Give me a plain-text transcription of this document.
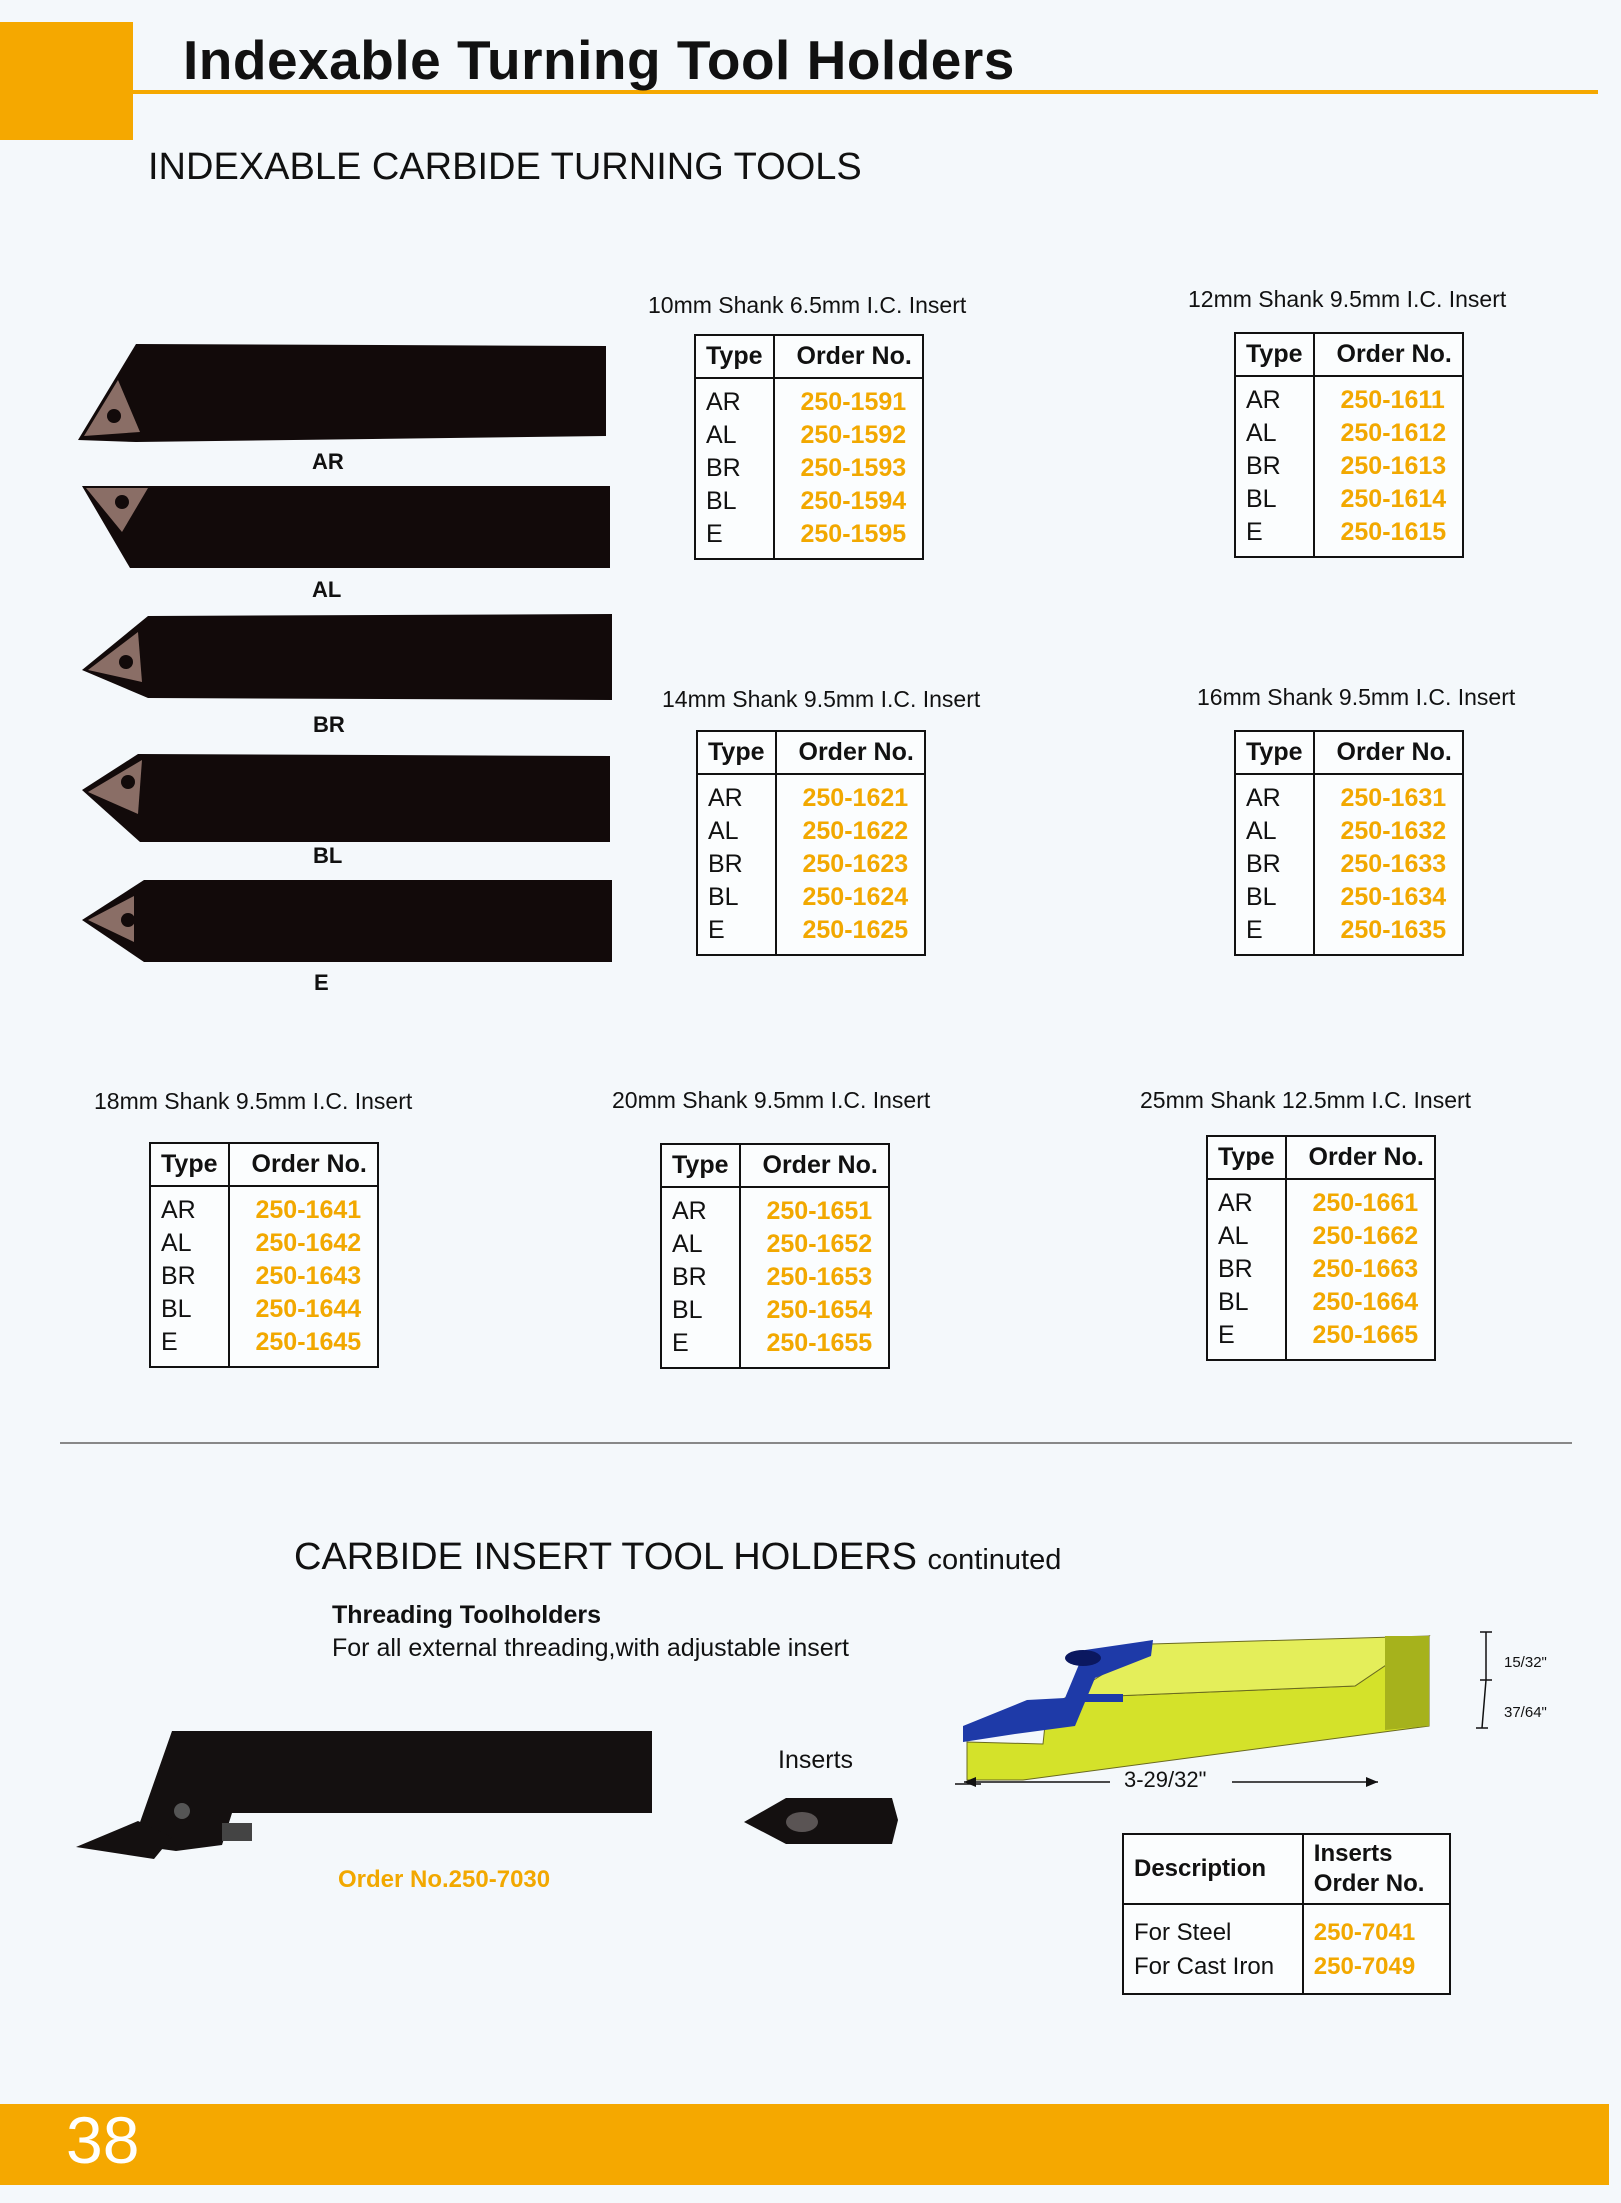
Indexable Turning Tool Holders
INDEXABLE CARBIDE TURNING TOOLS
AR
AL
BR
BL
E
10mm Shank 6.5mm I.C. Insert
Type	Order No.
AR	250-1591
AL	250-1592
BR	250-1593
BL	250-1594
E	250-1595
12mm Shank 9.5mm I.C. Insert
Type	Order No.
AR	250-1611
AL	250-1612
BR	250-1613
BL	250-1614
E	250-1615
14mm Shank 9.5mm I.C. Insert
Type	Order No.
AR	250-1621
AL	250-1622
BR	250-1623
BL	250-1624
E	250-1625
16mm Shank 9.5mm I.C. Insert
Type	Order No.
AR	250-1631
AL	250-1632
BR	250-1633
BL	250-1634
E	250-1635
18mm Shank 9.5mm I.C. Insert
Type	Order No.
AR	250-1641
AL	250-1642
BR	250-1643
BL	250-1644
E	250-1645
20mm Shank 9.5mm I.C. Insert
Type	Order No.
AR	250-1651
AL	250-1652
BR	250-1653
BL	250-1654
E	250-1655
25mm Shank 12.5mm I.C. Insert
Type	Order No.
AR	250-1661
AL	250-1662
BR	250-1663
BL	250-1664
E	250-1665
CARBIDE INSERT TOOL HOLDERS continuted
Threading Toolholders
For all external threading,with adjustable insert
Inserts
Order No.250-7030
15/32"
37/64"
3-29/32"
Description	Inserts
Order No.
For Steel	250-7041
For Cast Iron	250-7049
38
